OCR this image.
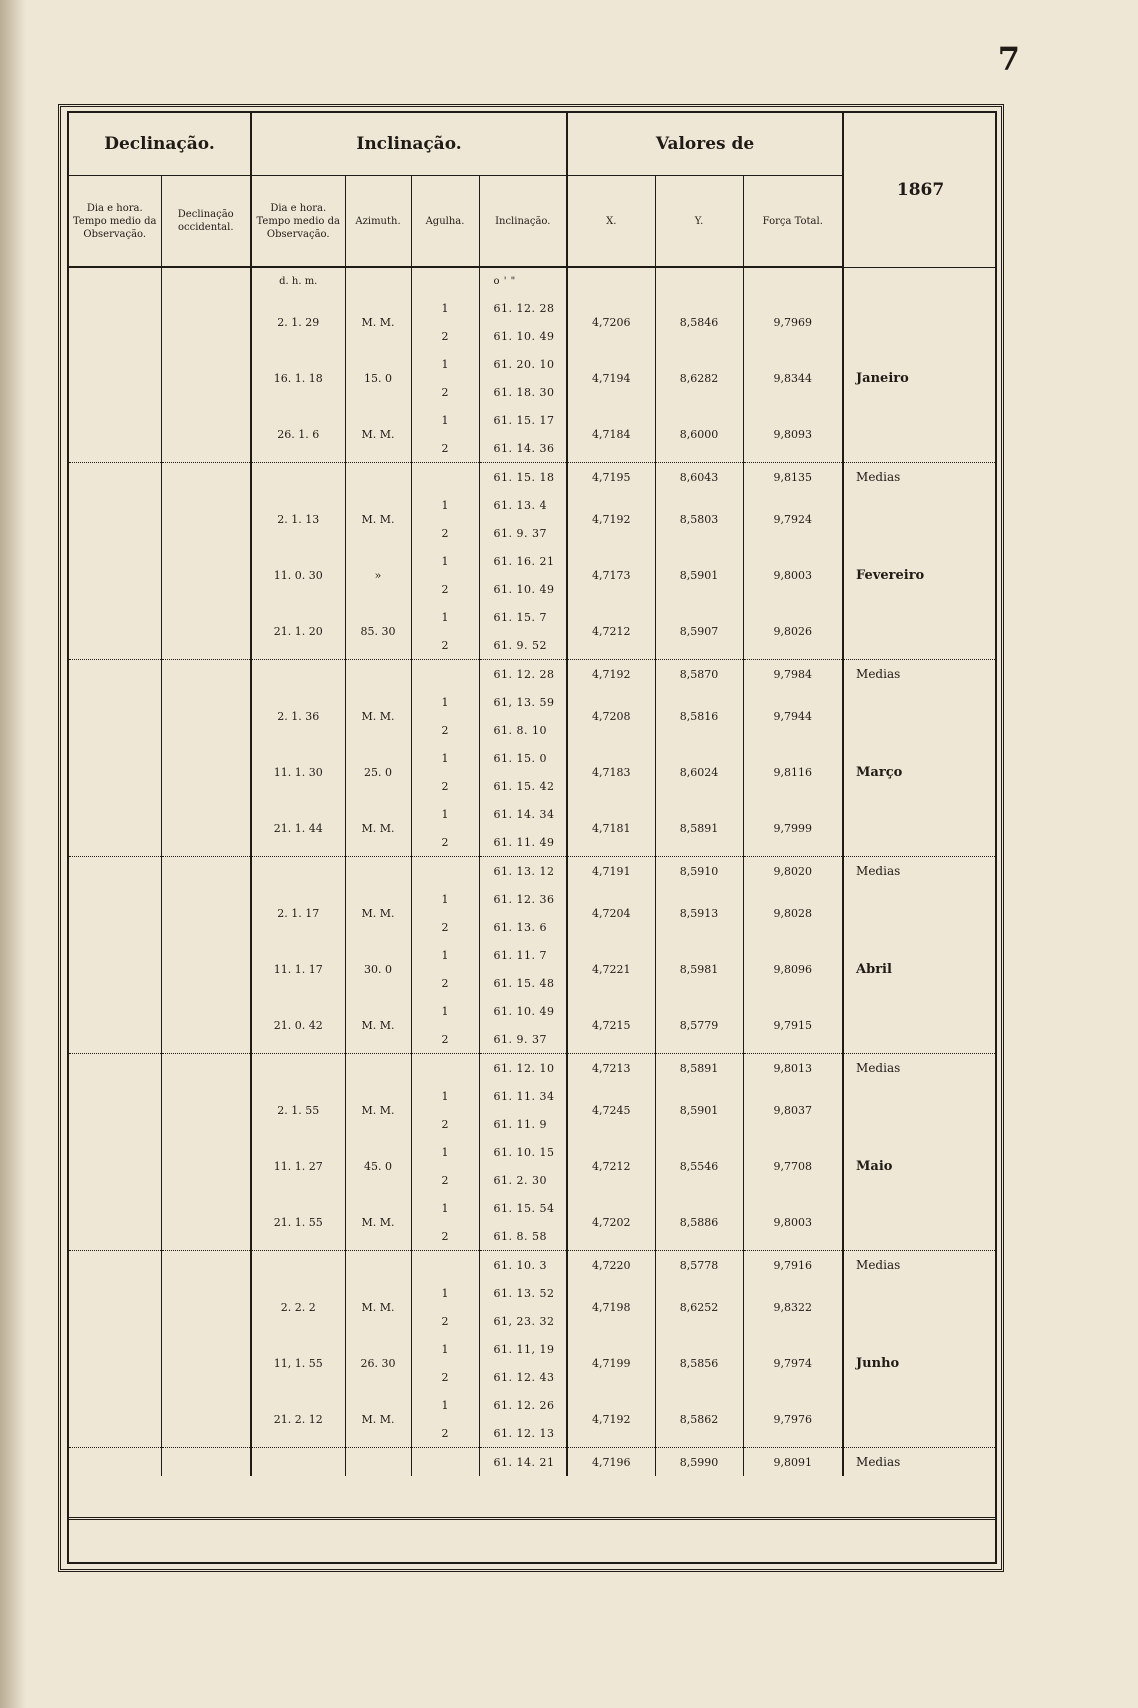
7
Declinação.		Inclinação.				Valores de			1867
Dia e hora. Tempo medio da Observação.	Declinação occidental.	Dia e hora. Tempo medio da Observação.	Azimuth.	Agulha.	Inclinação.	X.	Y.	Força Total.	
		d. h. m.			o ' "				
		2. 1. 29	M. M.	1	61. 12. 28	4,7206	8,5846	9,7969	
				2	61. 10. 49				
		16. 1. 18	15. 0	1	61. 20. 10	4,7194	8,6282	9,8344	Janeiro
				2	61. 18. 30				
		26. 1. 6	M. M.	1	61. 15. 17	4,7184	8,6000	9,8093	
				2	61. 14. 36				
					61. 15. 18	4,7195	8,6043	9,8135	Medias
		2. 1. 13	M. M.	1	61. 13. 4	4,7192	8,5803	9,7924	
				2	61. 9. 37				
		11. 0. 30	»	1	61. 16. 21	4,7173	8,5901	9,8003	Fevereiro
				2	61. 10. 49				
		21. 1. 20	85. 30	1	61. 15. 7	4,7212	8,5907	9,8026	
				2	61. 9. 52				
					61. 12. 28	4,7192	8,5870	9,7984	Medias
		2. 1. 36	M. M.	1	61, 13. 59	4,7208	8,5816	9,7944	
				2	61. 8. 10				
		11. 1. 30	25. 0	1	61. 15. 0	4,7183	8,6024	9,8116	Março
				2	61. 15. 42				
		21. 1. 44	M. M.	1	61. 14. 34	4,7181	8,5891	9,7999	
				2	61. 11. 49				
					61. 13. 12	4,7191	8,5910	9,8020	Medias
		2. 1. 17	M. M.	1	61. 12. 36	4,7204	8,5913	9,8028	
				2	61. 13. 6				
		11. 1. 17	30. 0	1	61. 11. 7	4,7221	8,5981	9,8096	Abril
				2	61. 15. 48				
		21. 0. 42	M. M.	1	61. 10. 49	4,7215	8,5779	9,7915	
				2	61. 9. 37				
					61. 12. 10	4,7213	8,5891	9,8013	Medias
		2. 1. 55	M. M.	1	61. 11. 34	4,7245	8,5901	9,8037	
				2	61. 11. 9				
		11. 1. 27	45. 0	1	61. 10. 15	4,7212	8,5546	9,7708	Maio
				2	61. 2. 30				
		21. 1. 55	M. M.	1	61. 15. 54	4,7202	8,5886	9,8003	
				2	61. 8. 58				
					61. 10. 3	4,7220	8,5778	9,7916	Medias
		2. 2. 2	M. M.	1	61. 13. 52	4,7198	8,6252	9,8322	
				2	61, 23. 32				
		11, 1. 55	26. 30	1	61. 11, 19	4,7199	8,5856	9,7974	Junho
				2	61. 12. 43				
		21. 2. 12	M. M.	1	61. 12. 26	4,7192	8,5862	9,7976	
				2	61. 12. 13				
					61. 14. 21	4,7196	8,5990	9,8091	Medias
